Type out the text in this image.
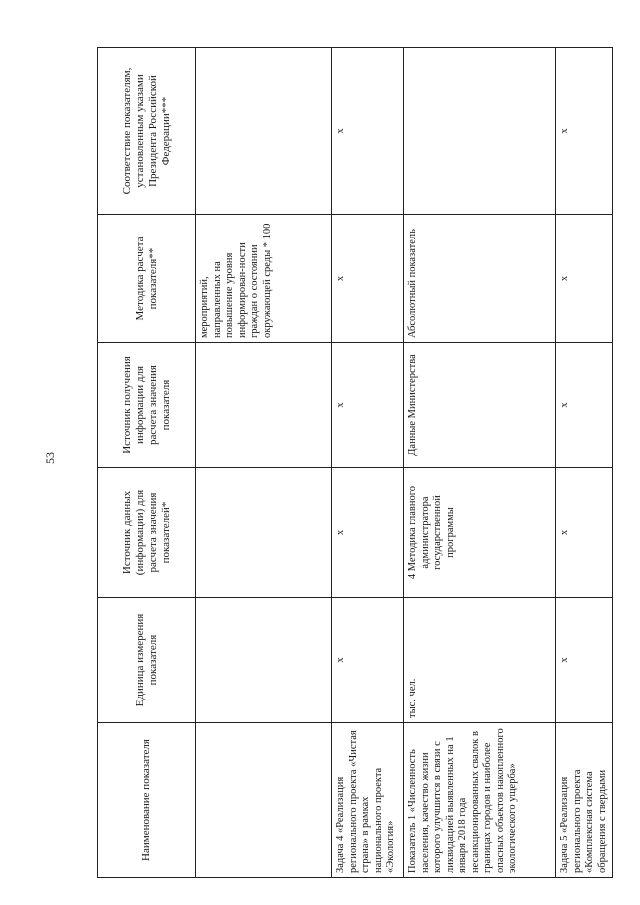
53
Наименование показателя	Единица измерения показателя	Источник данных (информации) для расчета значения показателей*	Источник получения информации для расчета значения показателя	Методика расчета показателя**	Соответствие показателям, установленным указами Президента Российской Федерации***
				мероприятий, направленных на повышение уровня информирован-ности граждан о состоянии окружающей среды * 100	
Задача 4 «Реализация регионального проекта «Чистая страна» в рамках национального проекта «Экология»	x	x	x	x	x
Показатель 1 «Численность населения, качество жизни которого улучшится в связи с ликвидацией выявленных на 1 января 2018 года несанкционированных свалок в границах городов и наиболее опасных объектов накопленного экологического ущерба»	тыс. чел.	4 Методика главного администратора государственной программы	Данные Министерства	Абсолютный показатель	
Задача 5 «Реализация регионального проекта «Комплексная система обращения с твердыми	x	x	x	x	x
